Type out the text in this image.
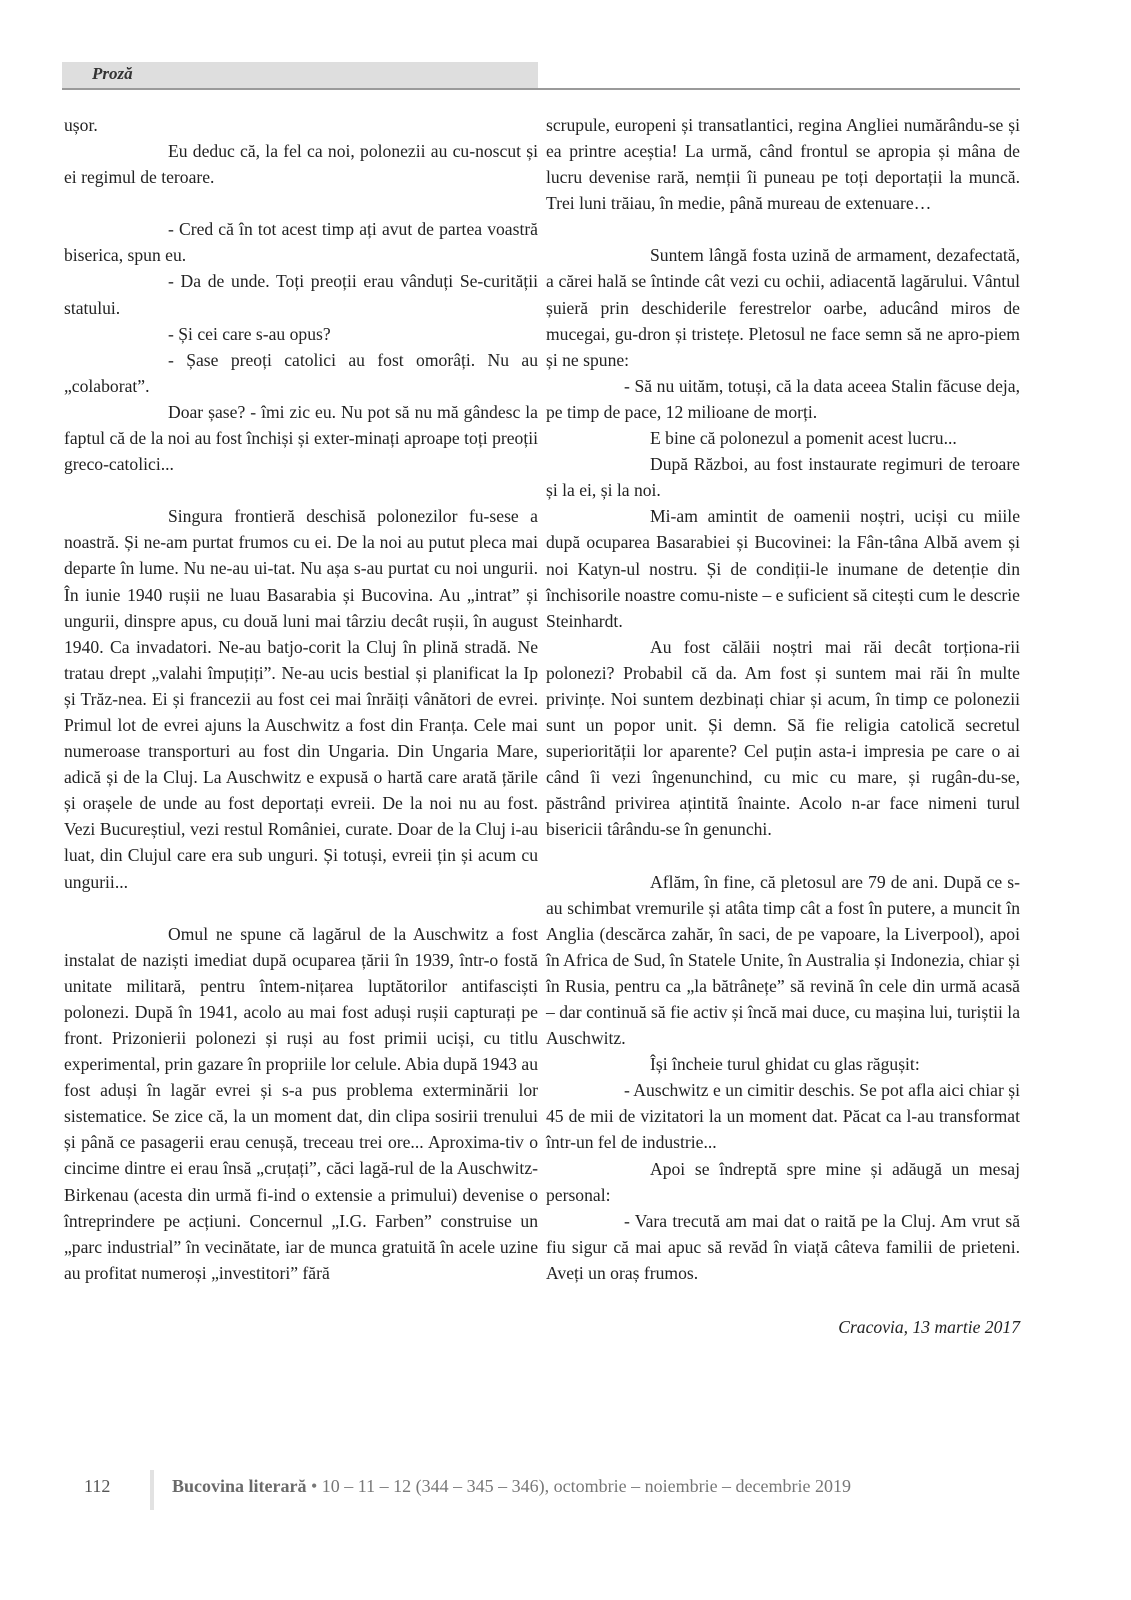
Proză

ușor.

Eu deduc că, la fel ca noi, polonezii au cu-noscut și ei regimul de teroare.

- Cred că în tot acest timp ați avut de partea voastră biserica, spun eu.

- Da de unde. Toți preoții erau vânduți Se-curității statului.

- Și cei care s-au opus?

- Șase preoți catolici au fost omorâți. Nu au „colaborat”.

Doar șase? - îmi zic eu. Nu pot să nu mă gândesc la faptul că de la noi au fost închiși și exter-minați aproape toți preoții greco-catolici...

Singura frontieră deschisă polonezilor fu-sese a noastră. Și ne-am purtat frumos cu ei. De la noi au putut pleca mai departe în lume. Nu ne-au ui-tat. Nu așa s-au purtat cu noi ungurii. În iunie 1940 rușii ne luau Basarabia și Bucovina. Au „intrat” și ungurii, dinspre apus, cu două luni mai târziu decât rușii, în august 1940. Ca invadatori. Ne-au batjo-corit la Cluj în plină stradă. Ne tratau drept „valahi împuțiți”. Ne-au ucis bestial și planificat la Ip și Trăz-nea. Ei și francezii au fost cei mai înrăiți vânători de evrei. Primul lot de evrei ajuns la Auschwitz a fost din Franța. Cele mai numeroase transporturi au fost din Ungaria. Din Ungaria Mare, adică și de la Cluj. La Auschwitz e expusă o hartă care arată țările și orașele de unde au fost deportați evreii. De la noi nu au fost. Vezi Bucureștiul, vezi restul României, curate. Doar de la Cluj i-au luat, din Clujul care era sub unguri. Și totuși, evreii țin și acum cu ungurii...

Omul ne spune că lagărul de la Auschwitz a fost instalat de naziști imediat după ocuparea țării în 1939, într-o fostă unitate militară, pentru întem-nițarea luptătorilor antifasciști polonezi. După în 1941, acolo au mai fost aduși rușii capturați pe front. Prizonierii polonezi și ruși au fost primii uciși, cu titlu experimental, prin gazare în propriile lor celule. Abia după 1943 au fost aduși în lagăr evrei și s-a pus problema exterminării lor sistematice. Se zice că, la un moment dat, din clipa sosirii trenului și până ce pasagerii erau cenușă, treceau trei ore... Aproxima-tiv o cincime dintre ei erau însă „cruțați”, căci lagă-rul de la Auschwitz-Birkenau (acesta din urmă fi-ind o extensie a primului) devenise o întreprindere pe acțiuni. Concernul „I.G. Farben” construise un „parc industrial” în vecinătate, iar de munca gratuită în acele uzine au profitat numeroși „investitori” fără

scrupule, europeni și transatlantici, regina Angliei numărându-se și ea printre aceștia! La urmă, când frontul se apropia și mâna de lucru devenise rară, nemții îi puneau pe toți deportații la muncă. Trei luni trăiau, în medie, până mureau de extenuare…

Suntem lângă fosta uzină de armament, dezafectată, a cărei hală se întinde cât vezi cu ochii, adiacentă lagărului. Vântul șuieră prin deschiderile ferestrelor oarbe, aducând miros de mucegai, gu-dron și tristețe. Pletosul ne face semn să ne apro-piem și ne spune:

- Să nu uităm, totuși, că la data aceea Stalin făcuse deja, pe timp de pace, 12 milioane de morți.

E bine că polonezul a pomenit acest lucru...

După Război, au fost instaurate regimuri de teroare și la ei, și la noi.

Mi-am amintit de oamenii noștri, uciși cu miile după ocuparea Basarabiei și Bucovinei: la Fân-tâna Albă avem și noi Katyn-ul nostru. Și de condiții-le inumane de detenție din închisorile noastre comu-niste – e suficient să citești cum le descrie Steinhardt.

Au fost călăii noștri mai răi decât torționa-rii polonezi? Probabil că da. Am fost și suntem mai răi în multe privințe. Noi suntem dezbinați chiar și acum, în timp ce polonezii sunt un popor unit. Și demn. Să fie religia catolică secretul superiorității lor aparente? Cel puțin asta-i impresia pe care o ai când îi vezi îngenunchind, cu mic cu mare, și rugân-du-se, păstrând privirea ațintită înainte. Acolo n-ar face nimeni turul bisericii târându-se în genunchi.

Aflăm, în fine, că pletosul are 79 de ani. După ce s-au schimbat vremurile și atâta timp cât a fost în putere, a muncit în Anglia (descărca zahăr, în saci, de pe vapoare, la Liverpool), apoi în Africa de Sud, în Statele Unite, în Australia și Indonezia, chiar și în Rusia, pentru ca „la bătrânețe” să revină în cele din urmă acasă – dar continuă să fie activ și încă mai duce, cu mașina lui, turiștii la Auschwitz.

Își încheie turul ghidat cu glas răgușit:

- Auschwitz e un cimitir deschis. Se pot afla aici chiar și 45 de mii de vizitatori la un moment dat. Păcat ca l-au transformat într-un fel de industrie...

Apoi se îndreptă spre mine și adăugă un mesaj personal:

- Vara trecută am mai dat o raită pe la Cluj. Am vrut să fiu sigur că mai apuc să revăd în viață câteva familii de prieteni. Aveți un oraș frumos.

Cracovia, 13 martie 2017

112	Bucovina literară • 10 – 11 – 12 (344 – 345 – 346), octombrie – noiembrie – decembrie 2019
